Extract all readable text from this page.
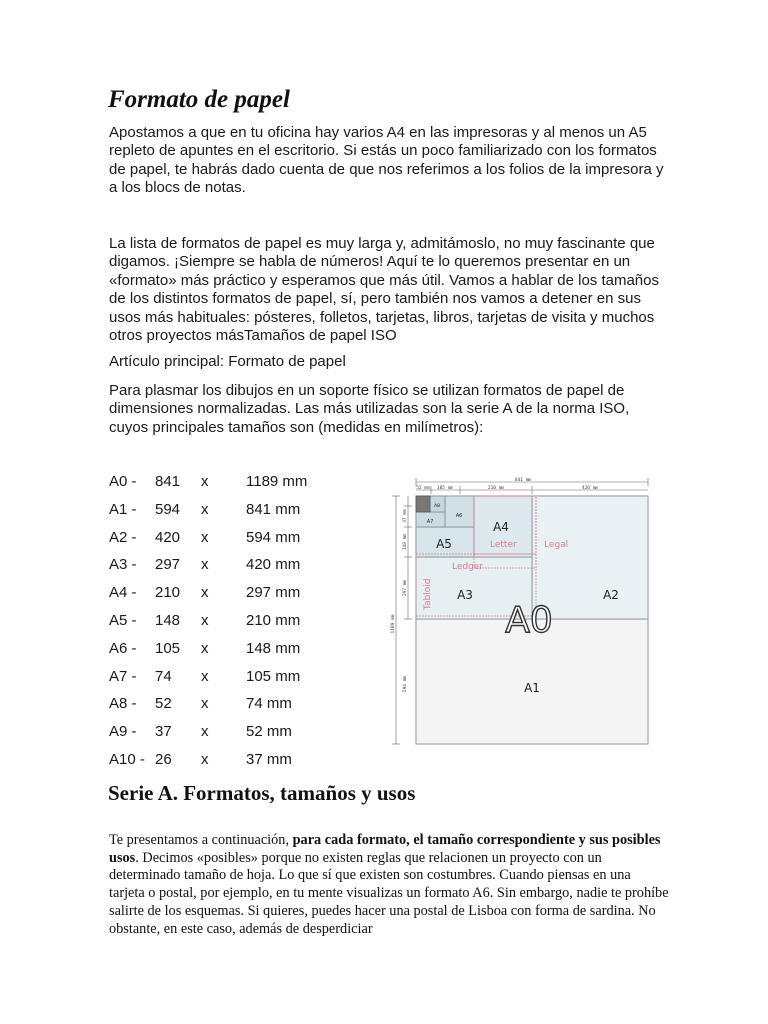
Formato de papel

Apostamos a que en tu oficina hay varios A4 en las impresoras y al menos un A5 repleto de apuntes en el escritorio. Si estás un poco familiarizado con los formatos de papel, te habrás dado cuenta de que nos referimos a los folios de la impresora y a los blocs de notas.

La lista de formatos de papel es muy larga y, admitámoslo, no muy fascinante que digamos. ¡Siempre se habla de números! Aquí te lo queremos presentar en un «formato» más práctico y esperamos que más útil. Vamos a hablar de los tamaños de los distintos formatos de papel, sí, pero también nos vamos a detener en sus usos más habituales: pósteres, folletos, tarjetas, libros, tarjetas de visita y muchos otros proyectos másTamaños de papel ISO

Artículo principal: Formato de papel

Para plasmar los dibujos en un soporte físico se utilizan formatos de papel de dimensiones normalizadas. Las más utilizadas son la serie A de la norma ISO, cuyos principales tamaños son (medidas en milímetros):

A0 - 841 x	1189 mm
A1 - 594 x	841 mm
A2 - 420 x	594 mm
A3 - 297 x	420 mm
A4 - 210 x	297 mm
A5 - 148 x	210 mm
A6 - 105 x	148 mm
A7 - 74 x	105 mm
A8 - 52 x	74 mm
A9 - 37 x	52 mm
A10 - 26 x	37 mm
841 mm
52 mm 105 mm	210 mm	420 mm
1189 mm
37 mm
148 mm
297 mm
594 mm
Letter	Legal
Ledger
Tabloid
A4
A5
A6
A7
A8
A3	A2
A1
A0
Serie A. Formatos, tamaños y usos

Te presentamos a continuación, para cada formato, el tamaño correspondiente y sus posibles usos. Decimos «posibles» porque no existen reglas que relacionen un proyecto con un determinado tamaño de hoja. Lo que sí que existen son costumbres. Cuando piensas en una tarjeta o postal, por ejemplo, en tu mente visualizas un formato A6. Sin embargo, nadie te prohíbe salirte de los esquemas. Si quieres, puedes hacer una postal de Lisboa con forma de sardina. No obstante, en este caso, además de desperdiciar
